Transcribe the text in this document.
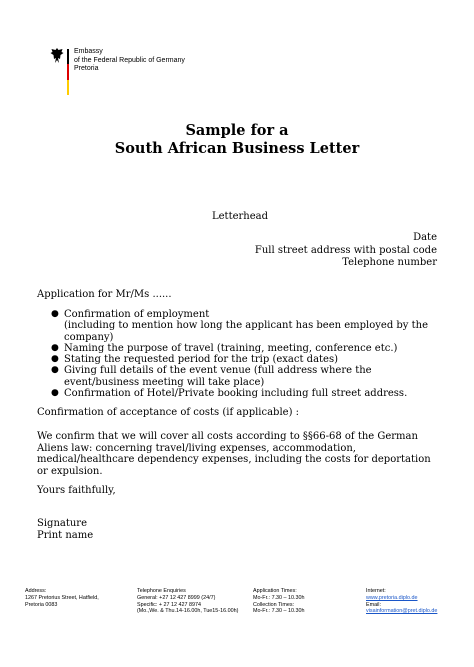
Embassy
of the Federal Republic of Germany
Pretoria
Sample for a
South African Business Letter
Letterhead
Date
Full street address with postal code
Telephone number
Application for Mr/Ms ......
● Confirmation of employment
(including to mention how long the applicant has been employed by the company)
● Naming the purpose of travel (training, meeting, conference etc.)
● Stating the requested period for the trip (exact dates)
● Giving full details of the event venue (full address where the event/business meeting will take place)
● Confirmation of Hotel/Private booking including full street address.
Confirmation of acceptance of costs (if applicable) :
We confirm that we will cover all costs according to §§66-68 of the German Aliens law: concerning travel/living expenses, accommodation, medical/healthcare dependency expenses, including the costs for deportation or expulsion.
Yours faithfully,
Signature
Print name
Address:
1267 Pretorius Street, Hatfield,
Pretoria 0083
Telephone Enquiries
General: +27 12 427 8999 (24/7)
Specific: + 27 12 427 8974
(Mo.,We. & Thu.14-16.00h, Tue15-16.00h)
Application Times:
Mo-Fr.: 7.30 – 10.30h
Collection Times:
Mo-Fr.: 7.30 – 10.30h
Internet:
www.pretoria.diplo.de
Email:
visainformation@pret.diplo.de
